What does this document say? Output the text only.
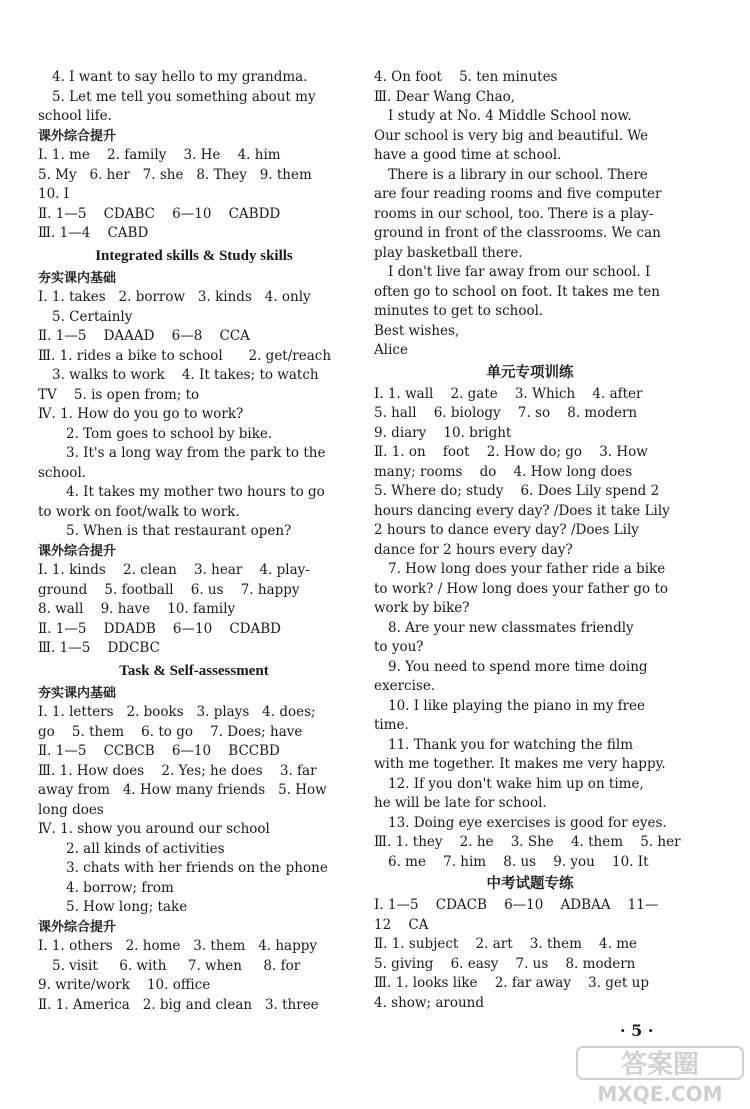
4. I want to say hello to my grandma.
5. Let me tell you something about my
school life.
课外综合提升
Ⅰ. 1. me    2. family    3. He    4. him
5. My   6. her   7. she   8. They   9. them
10. I
Ⅱ. 1—5    CDABC    6—10    CABDD
Ⅲ. 1—4    CABD
Integrated skills & Study skills
夯实课内基础
Ⅰ. 1. takes   2. borrow   3. kinds   4. only
5. Certainly
Ⅱ. 1—5    DAAAD    6—8    CCA
Ⅲ. 1. rides a bike to school      2. get/reach
3. walks to work    4. It takes; to watch
TV    5. is open from; to
Ⅳ. 1. How do you go to work?
2. Tom goes to school by bike.
3. It's a long way from the park to the
school.
4. It takes my mother two hours to go
to work on foot/walk to work.
5. When is that restaurant open?
课外综合提升
Ⅰ. 1. kinds    2. clean    3. hear    4. play-
ground    5. football    6. us    7. happy
8. wall    9. have    10. family
Ⅱ. 1—5    DDADB    6—10    CDABD
Ⅲ. 1—5    DDCBC
Task & Self-assessment
夯实课内基础
Ⅰ. 1. letters   2. books   3. plays   4. does;
go    5. them    6. to go    7. Does; have
Ⅱ. 1—5    CCBCB    6—10    BCCBD
Ⅲ. 1. How does    2. Yes; he does    3. far
away from   4. How many friends   5. How
long does
Ⅳ. 1. show you around our school
2. all kinds of activities
3. chats with her friends on the phone
4. borrow; from
5. How long; take
课外综合提升
Ⅰ. 1. others   2. home   3. them   4. happy
5. visit     6. with     7. when     8. for
9. write/work    10. office
Ⅱ. 1. America   2. big and clean   3. three
4. On foot    5. ten minutes
Ⅲ. Dear Wang Chao,
I study at No. 4 Middle School now.
Our school is very big and beautiful. We
have a good time at school.
There is a library in our school. There
are four reading rooms and five computer
rooms in our school, too. There is a play-
ground in front of the classrooms. We can
play basketball there.
I don't live far away from our school. I
often go to school on foot. It takes me ten
minutes to get to school.
Best wishes,
Alice
单元专项训练
Ⅰ. 1. wall    2. gate    3. Which    4. after
5. hall    6. biology    7. so    8. modern
9. diary    10. bright
Ⅱ. 1. on    foot    2. How do; go    3. How
many; rooms    do    4. How long does
5. Where do; study    6. Does Lily spend 2
hours dancing every day? /Does it take Lily
2 hours to dance every day? /Does Lily
dance for 2 hours every day?
7. How long does your father ride a bike
to work? / How long does your father go to
work by bike?
8. Are your new classmates friendly
to you?
9. You need to spend more time doing
exercise.
10. I like playing the piano in my free
time.
11. Thank you for watching the film
with me together. It makes me very happy.
12. If you don't wake him up on time,
he will be late for school.
13. Doing eye exercises is good for eyes.
Ⅲ. 1. they    2. he    3. She    4. them    5. her
6. me    7. him    8. us    9. you    10. It
中考试题专练
Ⅰ. 1—5    CDACB    6—10    ADBAA    11—
12    CA
Ⅱ. 1. subject    2. art    3. them    4. me
5. giving    6. easy    7. us    8. modern
Ⅲ. 1. looks like    2. far away    3. get up
4. show; around
· 5 ·
答案圈
MXQE.COM
